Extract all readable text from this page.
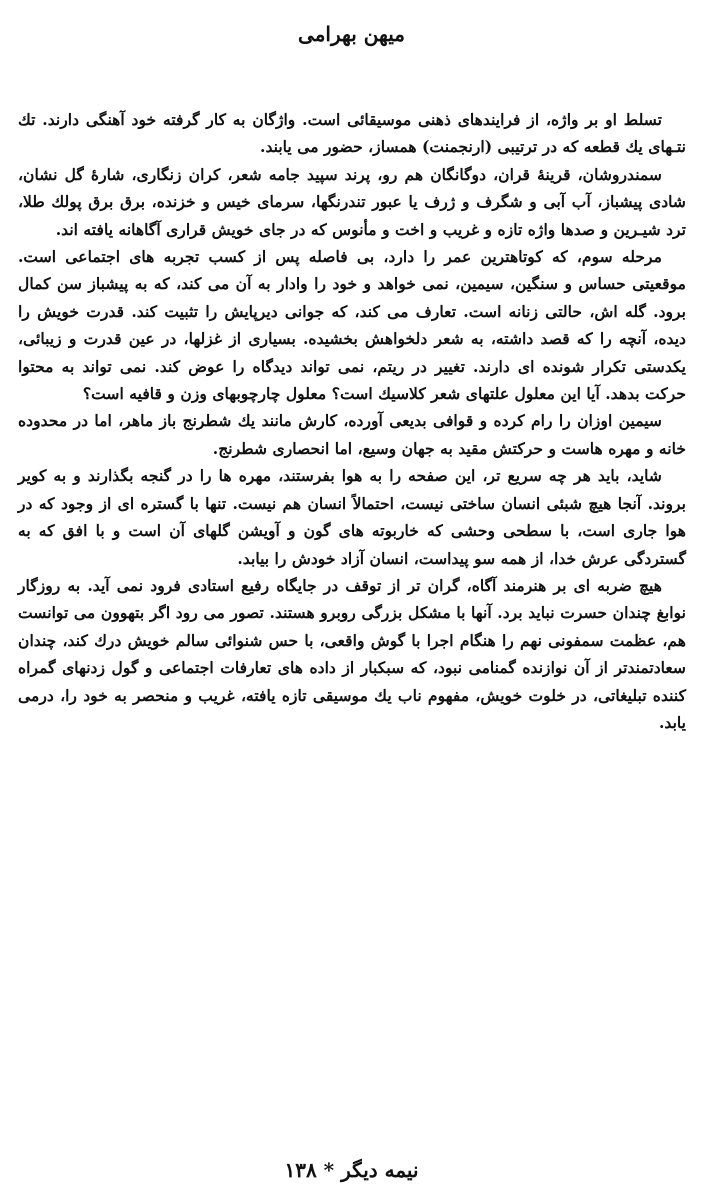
میهن بهرامی

تسلط او بر واژه، از فرایندهای ذهنی موسیقائی است. واژگان به کار گرفته خود آهنگی دارند. تك نتـهای يك قطعه كه در ترتیبی (ارنجمنت) همساز، حضور می یابند.

سمندروشان، قرينهٔ قران، دوگانگان هم رو، پرند سپید جامه شعر، كران زنگاری، شارهٔ گل نشان، شادی پیشباز، آب آبی و شگرف و ژرف یا عبور تندرنگها، سرمای خیس و خزنده، برق برق پولك طلا، ترد شیـرین و صدها واژه تازه و غريب و اخت و مأنوس كه در جای خویش قراری آگاهانه یافته اند.

مرحله سوم، كه كوتاهترین عمر را دارد، بی فاصله پس از كسب تجربه های اجتماعی است. موقعیتی حساس و سنگین، سیمین، نمی خواهد و خود را وادار به آن می كند، كه به پیشباز سن كمال برود. گله اش، حالتی زنانه است. تعارف می كند، كه جوانی دیرپایش را تثبیت كند. قدرت خویش را دیده، آنچه را كه قصد داشته، به شعر دلخواهش بخشیده. بسیاری از غزلها، در عین قدرت و زیبائی، یكدستی تكرار شونده ای دارند. تغییر در ریتم، نمی تواند دیدگاه را عوض كند. نمی تواند به محتوا حركت بدهد. آیا این معلول علتهای شعر كلاسیك است؟ معلول چارچوبهای وزن و قافیه است؟

سیمین اوزان را رام كرده و قوافی بدیعی آورده، كارش مانند يك شطرنج باز ماهر، اما در محدوده خانه و مهره هاست و حركتش مقید به جهان وسیع، اما انحصاری شطرنج.

شاید، باید هر چه سریع تر، این صفحه را به هوا بفرستند، مهره ها را در گنجه بگذارند و به كویر بروند. آنجا هیچ شبئی انسان ساختی نیست، احتمالاً انسان هم نیست. تنها با گستره ای از وجود كه در هوا جاری است، با سطحی وحشی كه خاربوته های گون و آویشن گلهای آن است و با افق كه به گستردگی عرش خدا، از همه سو پیداست، انسان آزاد خودش را بیابد.

هیچ ضربه ای بر هنرمند آگاه، گران تر از توقف در جایگاه رفیع استادی فرود نمی آید. به روزگار نوابغ چندان حسرت نباید برد. آنها با مشكل بزرگی روبرو هستند. تصور می رود اگر بتهوون می توانست هم، عظمت سمفونی نهم را هنگام اجرا با گوش واقعی، با حس شنوائی سالم خویش درك كند، چندان سعادتمندتر از آن نوازنده گمنامی نبود، كه سبكبار از داده های تعارفات اجتماعی و گول زدنهای گمراه كننده تبلیغاتی، در خلوت خویش، مفهوم ناب يك موسیقی تازه یافته، غریب و منحصر به خود را، درمی یابد.

نیمه دیگر * ۱۳۸
